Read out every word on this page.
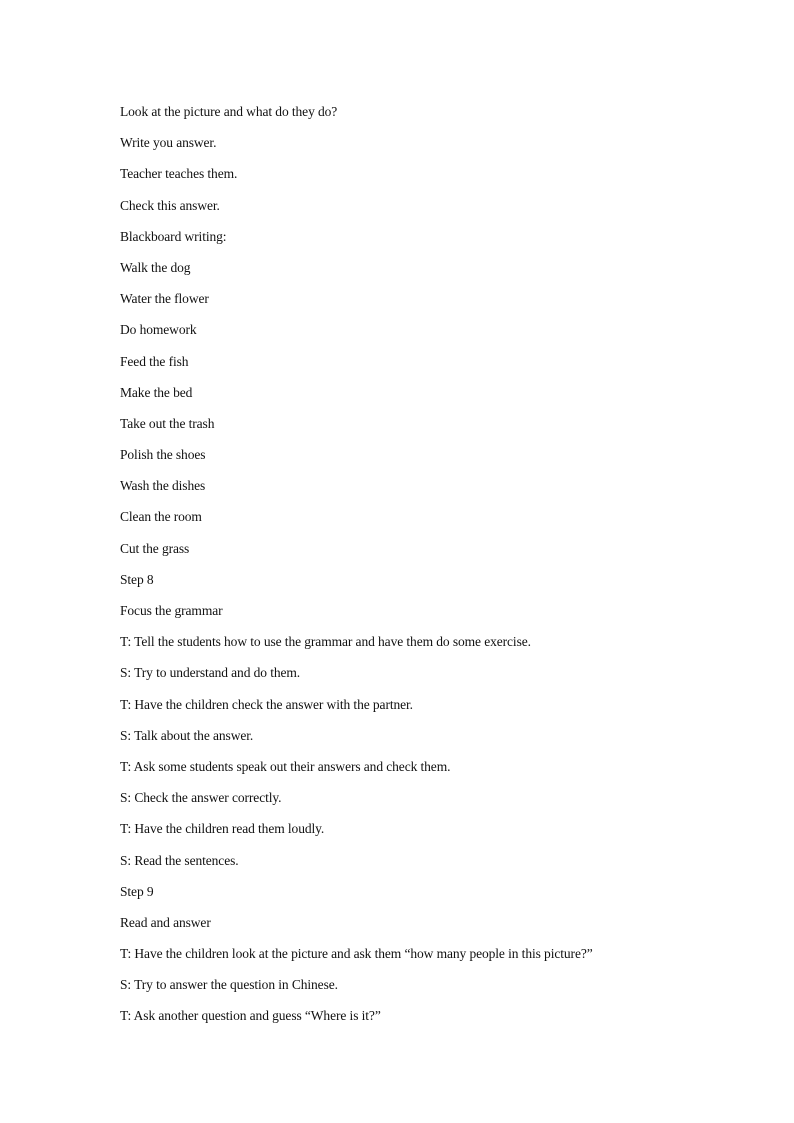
Look at the picture and what do they do?
Write you answer.
Teacher teaches them.
Check this answer.
Blackboard writing:
Walk the dog
Water the flower
Do homework
Feed the fish
Make the bed
Take out the trash
Polish the shoes
Wash the dishes
Clean the room
Cut the grass
Step 8
Focus the grammar
T: Tell the students how to use the grammar and have them do some exercise.
S: Try to understand and do them.
T: Have the children check the answer with the partner.
S: Talk about the answer.
T: Ask some students speak out their answers and check them.
S: Check the answer correctly.
T: Have the children read them loudly.
S: Read the sentences.
Step 9
Read and answer
T: Have the children look at the picture and ask them “how many people in this picture?”
S: Try to answer the question in Chinese.
T: Ask another question and guess “Where is it?”
